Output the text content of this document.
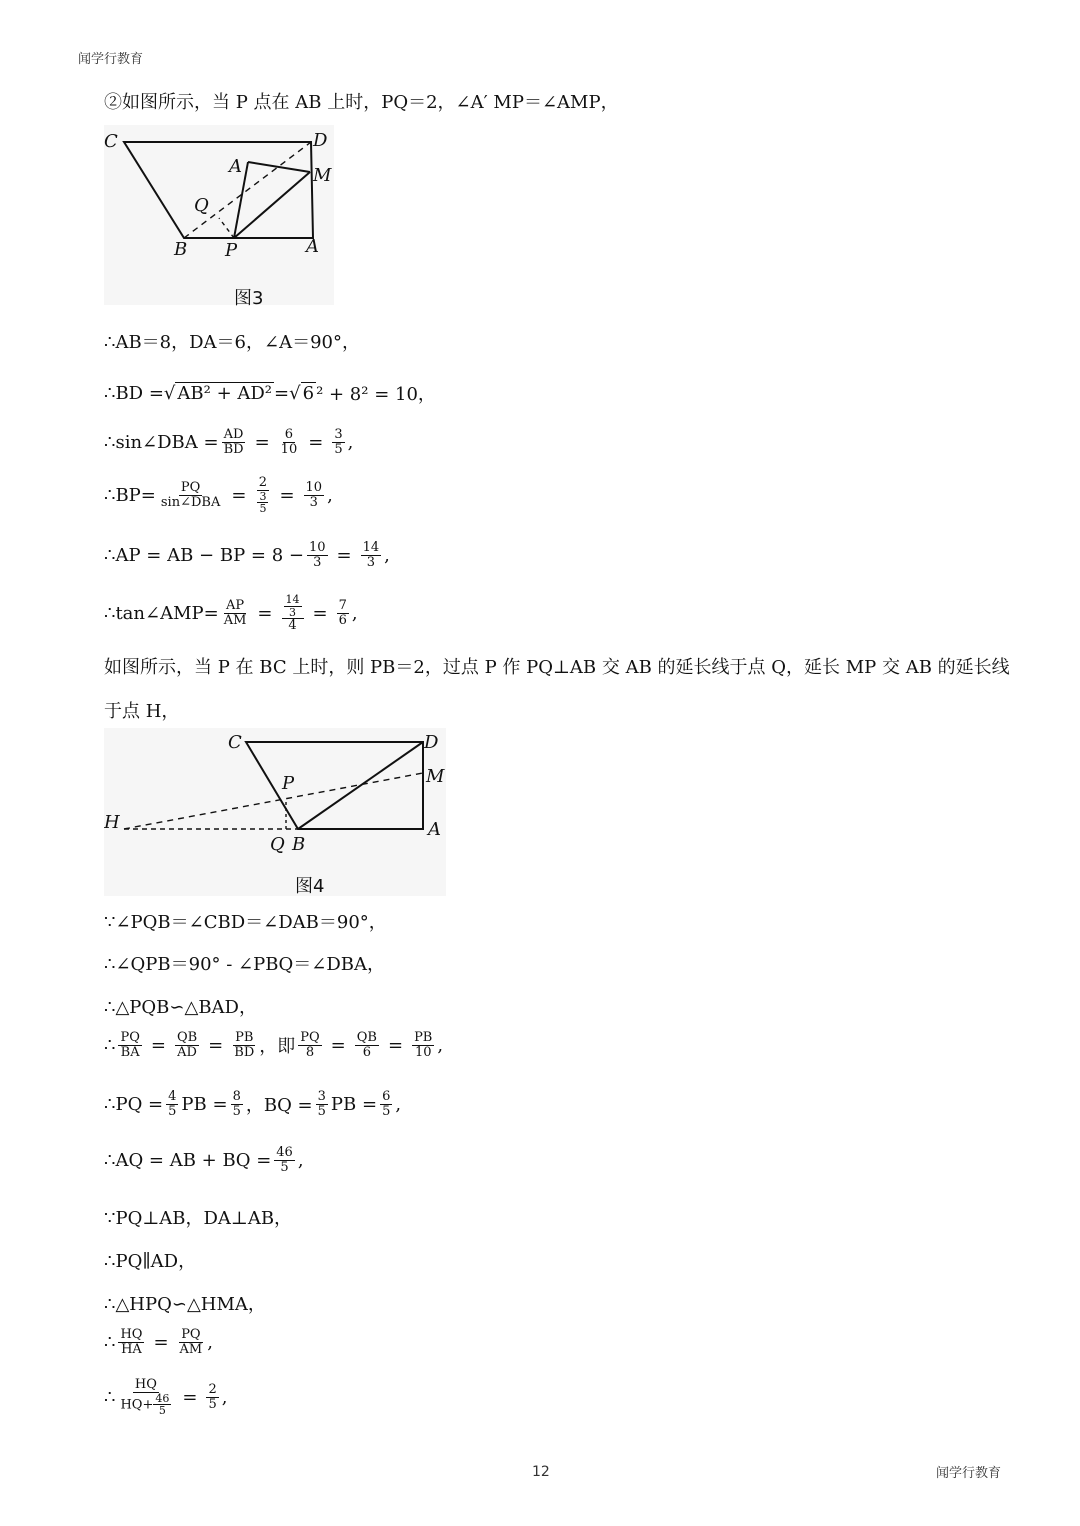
闻学行教育
②如图所示，当 P 点在 AB 上时，PQ＝2，∠A′ MP＝∠AMP，
C	D
A	M
Q
B P	A
图3
∴AB＝8，DA＝6，∠A＝90°，
∴BD = √ AB² + AD² = √ 6 ² + 8² = 10，
∴sin∠DBA = $\frac{AD}{BD} = \frac{6}{10} = \frac{3}{5}$ ,
∴BP= $\frac{PQ}{\text{sin∠DBA}} = \frac{2}{\frac{3}{5}} = \frac{10}{3}$ ,
∴AP = AB − BP = $8 - \frac{10}{3} = \frac{14}{3}$ ,
∴tan∠AMP= $\frac{AP}{AM} = \frac{\frac{14}{3}}{4} = \frac{7}{6}$ ,
如图所示，当 P 在 BC 上时，则 PB＝2，过点 P 作 PQ⊥AB 交 AB 的延长线于点 Q，延长 MP 交 AB 的延长线
于点 H，
C	D
P	M
H	A
Q B
图4
∵∠PQB＝∠CBD＝∠DAB＝90°，
∴∠QPB＝90° - ∠PBQ＝∠DBA，
∴△PQB∽△BAD，
∴ $\frac{PQ}{BA} = \frac{QB}{AD} = \frac{PB}{BD}$ ，即 $\frac{PQ}{8} = \frac{QB}{6} = \frac{PB}{10}$ ,
∴PQ = $\frac{4}{5}$ PB = $\frac{8}{5}$ ，BQ = $\frac{3}{5}$ PB = $\frac{6}{5}$ ,
∴AQ = AB + BQ = $\frac{46}{5}$ ,
∵PQ⊥AB，DA⊥AB，
∴PQ∥AD，
∴△HPQ∽△HMA，
∴ $\frac{HQ}{HA} = \frac{PQ}{AM}$ ,
∴ $\frac{HQ}{HQ+ \frac{46}{5}} = \frac{2}{5}$ ,
12	闻学行教育
